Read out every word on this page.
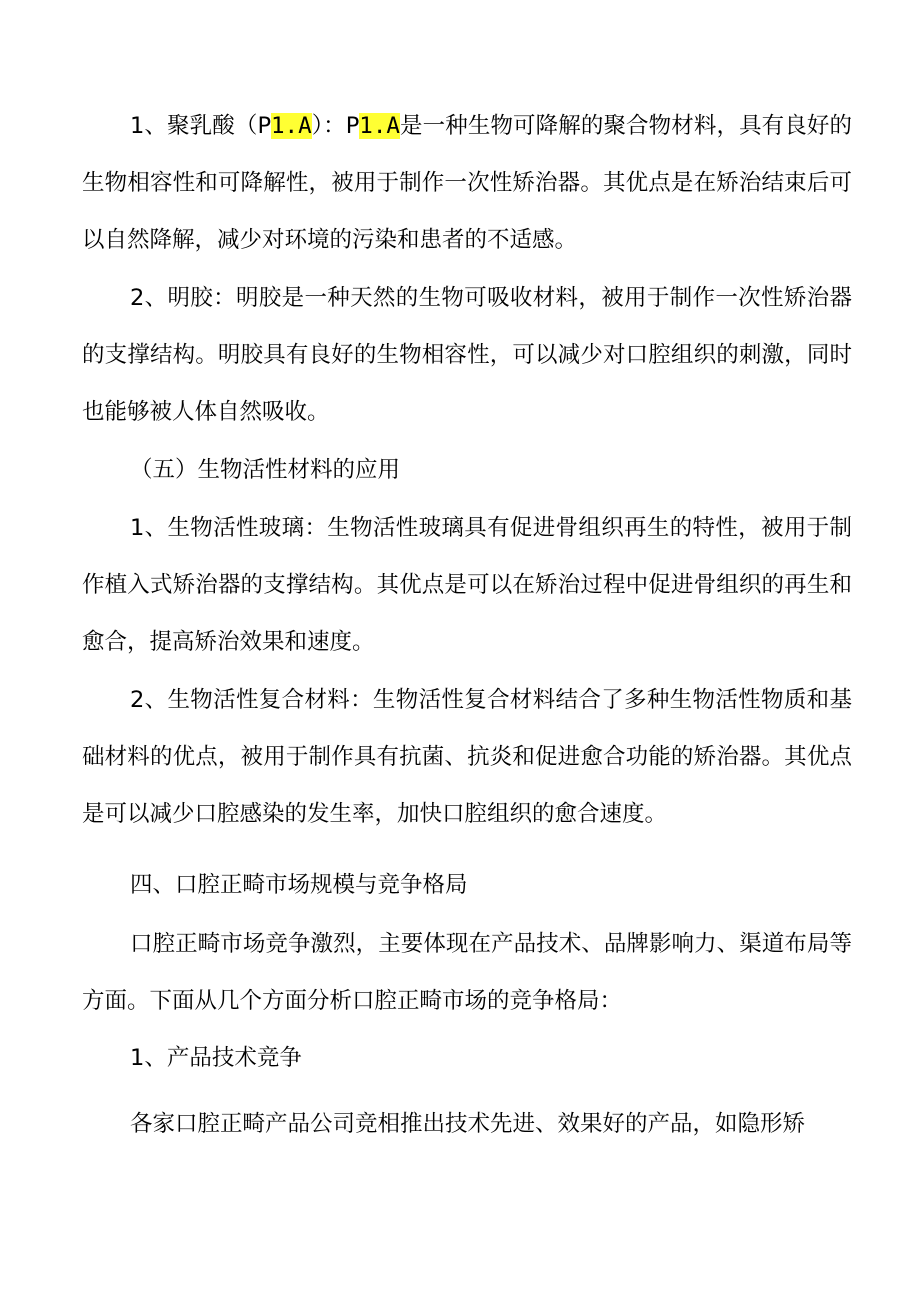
1、聚乳酸（P1.A）：P1.A是一种生物可降解的聚合物材料，具有良好的生物相容性和可降解性，被用于制作一次性矫治器。其优点是在矫治结束后可以自然降解，减少对环境的污染和患者的不适感。

2、明胶：明胶是一种天然的生物可吸收材料，被用于制作一次性矫治器的支撑结构。明胶具有良好的生物相容性，可以减少对口腔组织的刺激，同时也能够被人体自然吸收。

（五）生物活性材料的应用

1、生物活性玻璃：生物活性玻璃具有促进骨组织再生的特性，被用于制作植入式矫治器的支撑结构。其优点是可以在矫治过程中促进骨组织的再生和愈合，提高矫治效果和速度。

2、生物活性复合材料：生物活性复合材料结合了多种生物活性物质和基础材料的优点，被用于制作具有抗菌、抗炎和促进愈合功能的矫治器。其优点是可以减少口腔感染的发生率，加快口腔组织的愈合速度。

四、口腔正畸市场规模与竞争格局

口腔正畸市场竞争激烈，主要体现在产品技术、品牌影响力、渠道布局等方面。下面从几个方面分析口腔正畸市场的竞争格局：

1、产品技术竞争

各家口腔正畸产品公司竞相推出技术先进、效果好的产品，如隐形矫
